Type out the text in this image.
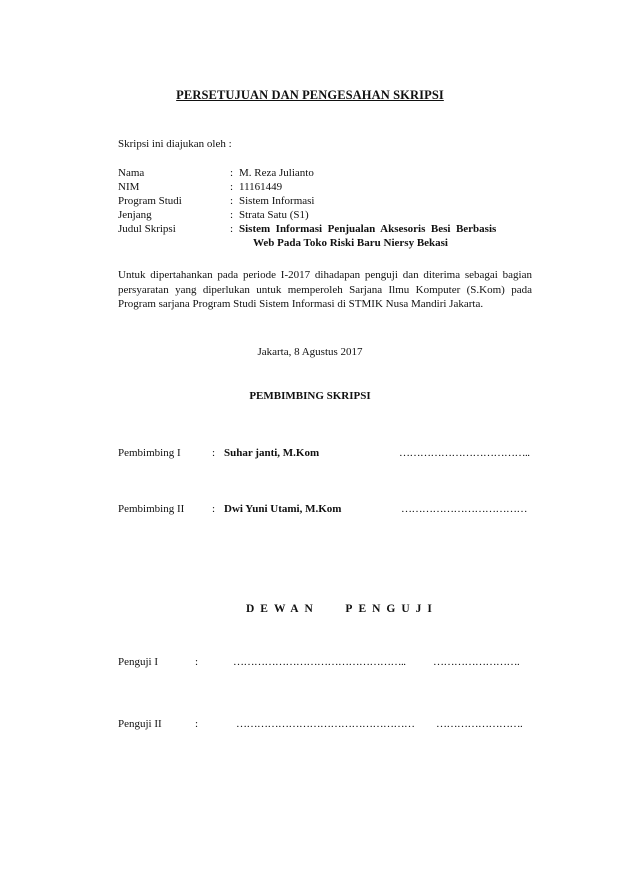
PERSETUJUAN DAN PENGESAHAN SKRIPSI
Skripsi ini diajukan oleh :
Nama	: M. Reza Julianto
NIM	: 11161449
Program Studi	: Sistem Informasi
Jenjang	: Strata Satu (S1)
Judul Skripsi	: Sistem  Informasi  Penjualan  Aksesoris  Besi  Berbasis
Web Pada Toko Riski Baru Niersy Bekasi
Untuk dipertahankan pada periode I-2017 dihadapan penguji dan diterima sebagai bagian persyaratan yang diperlukan untuk memperoleh Sarjana Ilmu Komputer (S.Kom) pada Program sarjana Program Studi Sistem Informasi di STMIK Nusa Mandiri Jakarta.
Jakarta, 8 Agustus 2017
PEMBIMBING SKRIPSI
Pembimbing I	: Suhar janti, M.Kom	………………………………..
Pembimbing II	: Dwi Yuni Utami, M.Kom	………………………………
DEWAN   PENGUJI
Penguji I	:	…………………………………………..	…………………….
Penguji II	:	…………………………………………… …………………….
